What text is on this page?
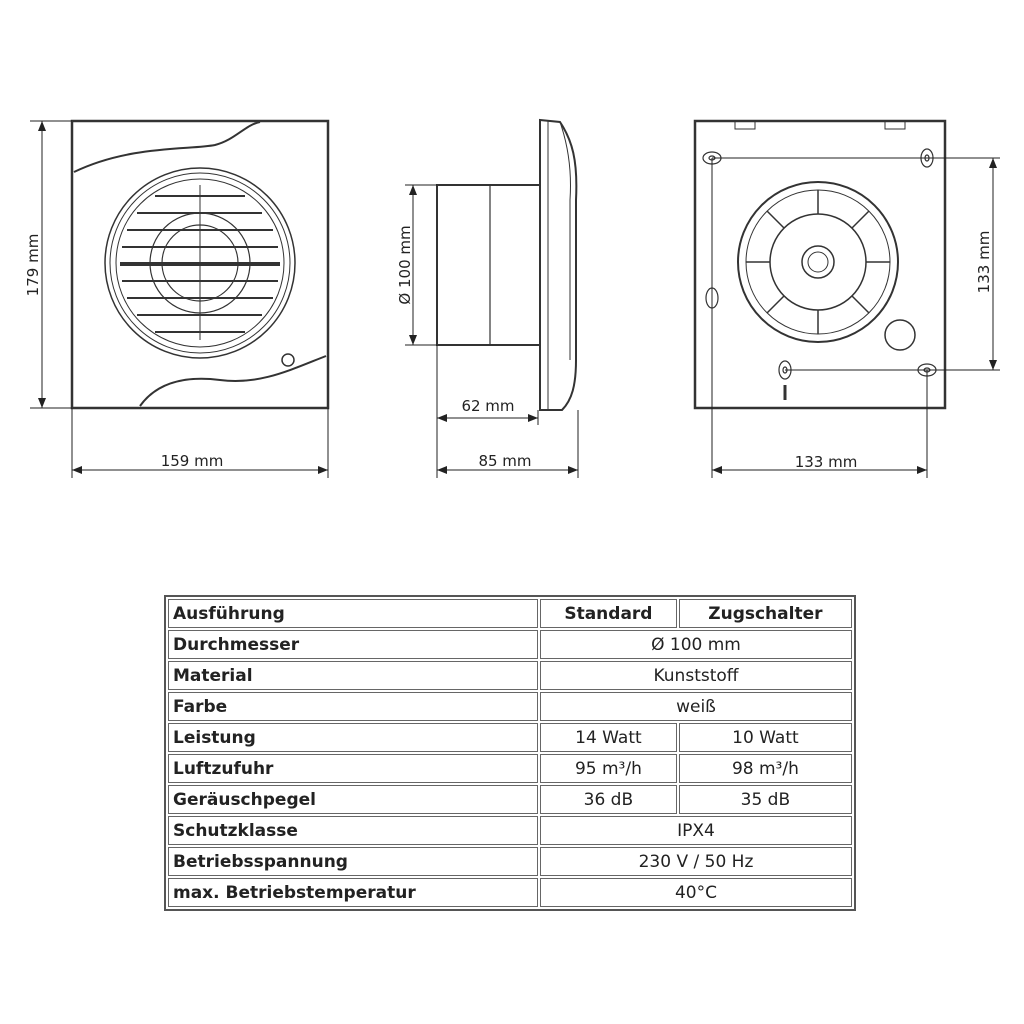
179 mm
159 mm
Ø 100 mm
62 mm
85 mm
133 mm
133 mm
Ausführung	Standard	Zugschalter
Durchmesser	Ø 100 mm	
Material	Kunststoff	
Farbe	weiß	
Leistung	14 Watt	10 Watt
Luftzufuhr	95 m³/h	98 m³/h
Geräuschpegel	36 dB	35 dB
Schutzklasse	IPX4	
Betriebsspannung	230 V / 50 Hz	
max. Betriebstemperatur	40°C	
